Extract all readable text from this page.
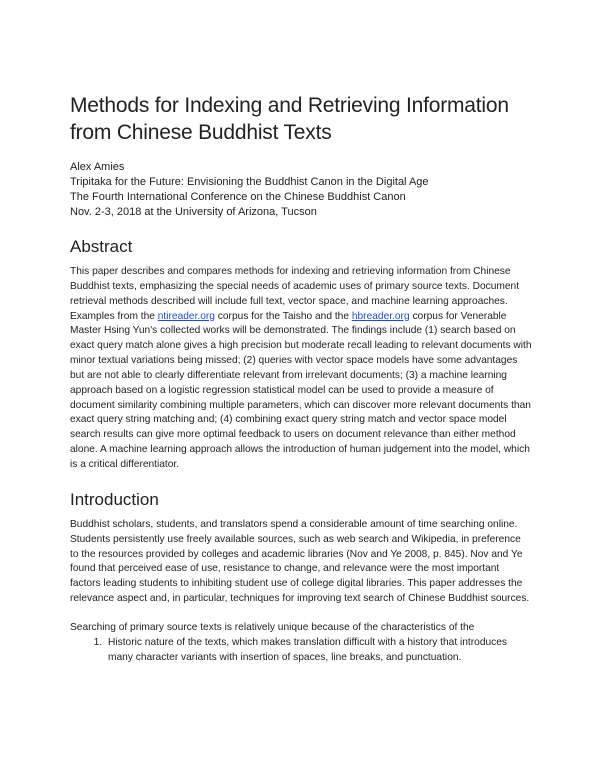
Methods for Indexing and Retrieving Information from Chinese Buddhist Texts
Alex Amies
Tripitaka for the Future: Envisioning the Buddhist Canon in the Digital Age
The Fourth International Conference on the Chinese Buddhist Canon
Nov. 2-3, 2018 at the University of Arizona, Tucson
Abstract

This paper describes and compares methods for indexing and retrieving information from Chinese Buddhist texts, emphasizing the special needs of academic uses of primary source texts. Document retrieval methods described will include full text, vector space, and machine learning approaches. Examples from the ntireader.org corpus for the Taisho and the hbreader.org corpus for Venerable Master Hsing Yun's collected works will be demonstrated. The findings include (1) search based on exact query match alone gives a high precision but moderate recall leading to relevant documents with minor textual variations being missed; (2) queries with vector space models have some advantages but are not able to clearly differentiate relevant from irrelevant documents; (3) a machine learning approach based on a logistic regression statistical model can be used to provide a measure of document similarity combining multiple parameters, which can discover more relevant documents than exact query string matching and; (4) combining exact query string match and vector space model search results can give more optimal feedback to users on document relevance than either method alone. A machine learning approach allows the introduction of human judgement into the model, which is a critical differentiator.

Introduction

Buddhist scholars, students, and translators spend a considerable amount of time searching online. Students persistently use freely available sources, such as web search and Wikipedia, in preference to the resources provided by colleges and academic libraries (Nov and Ye 2008, p. 845). Nov and Ye found that perceived ease of use, resistance to change, and relevance were the most important factors leading students to inhibiting student use of college digital libraries. This paper addresses the relevance aspect and, in particular, techniques for improving text search of Chinese Buddhist sources.

Searching of primary source texts is relatively unique because of the characteristics of the

1. Historic nature of the texts, which makes translation difficult with a history that introduces many character variants with insertion of spaces, line breaks, and punctuation.
